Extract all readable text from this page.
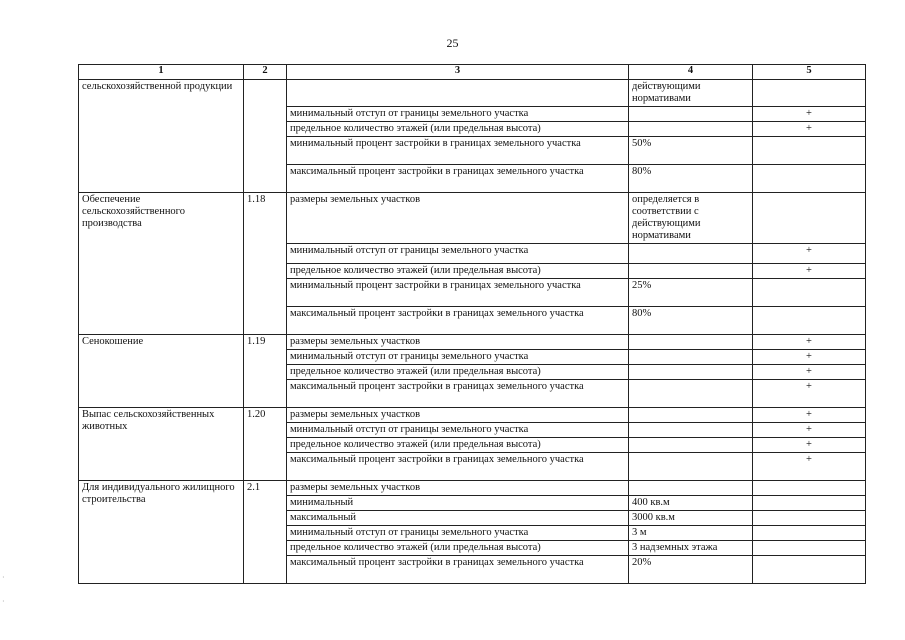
25
1	2	3	4	5
сельскохозяйственной продукции			действующими нормативами	
		минимальный отступ от границы земельного участка		+
		предельное количество этажей (или предельная высота)		+
		минимальный процент застройки в границах земельного участка	50%	
		максимальный процент застройки в границах земельного участка	80%	
Обеспечение сельскохозяйственного производства	1.18	размеры земельных участков	определяется в соответствии с действующими нормативами	
		минимальный отступ от границы земельного участка		+
		предельное количество этажей (или предельная высота)		+
		минимальный процент застройки в границах земельного участка	25%	
		максимальный процент застройки в границах земельного участка	80%	
Сенокошение	1.19	размеры земельных участков		+
		минимальный отступ от границы земельного участка		+
		предельное количество этажей (или предельная высота)		+
		максимальный процент застройки в границах земельного участка		+
Выпас сельскохозяйственных животных	1.20	размеры земельных участков		+
		минимальный отступ от границы земельного участка		+
		предельное количество этажей (или предельная высота)		+
		максимальный процент застройки в границах земельного участка		+
Для индивидуального жилищного строительства	2.1	размеры земельных участков		
		минимальный	400 кв.м	
		максимальный	3000 кв.м	
		минимальный отступ от границы земельного участка	3 м	
		предельное количество этажей (или предельная высота)	3 надземных этажа	
		максимальный процент застройки в границах земельного участка	20%	
·
·
